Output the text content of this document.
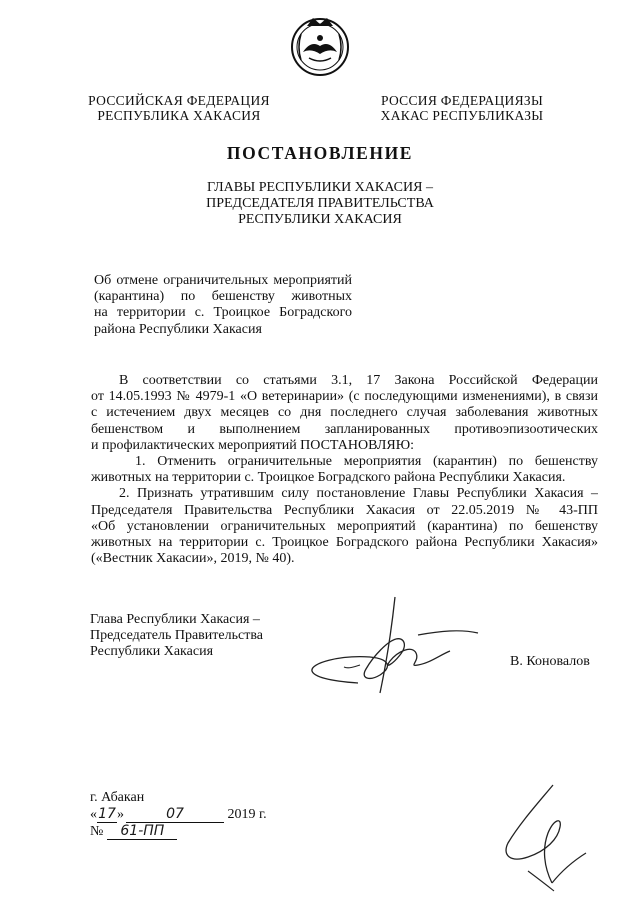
РОССИЙСКАЯ ФЕДЕРАЦИЯ
РЕСПУБЛИКА ХАКАСИЯ
РОССИЯ ФЕДЕРАЦИЯЗЫ
ХАКАС РЕСПУБЛИКАЗЫ
ПОСТАНОВЛЕНИЕ
ГЛАВЫ РЕСПУБЛИКИ ХАКАСИЯ –
ПРЕДСЕДАТЕЛЯ ПРАВИТЕЛЬСТВА
РЕСПУБЛИКИ ХАКАСИЯ
Об отмене ограничительных мероприятий
(карантина) по бешенству животных
на территории с. Троицкое Боградского
района Республики Хакасия
В соответствии со статьями 3.1, 17 Закона Российской Федерации
от 14.05.1993 № 4979-1 «О ветеринарии» (с последующими изменениями), в связи
с истечением двух месяцев со дня последнего случая заболевания животных
бешенством и выполнением запланированных противоэпизоотических
и профилактических мероприятий ПОСТАНОВЛЯЮ:
1. Отменить ограничительные мероприятия (карантин) по бешенству
животных на территории с. Троицкое Боградского района Республики Хакасия.
2. Признать утратившим силу постановление Главы Республики Хакасия –
Председателя Правительства Республики Хакасия от 22.05.2019 № 43-ПП
«Об установлении ограничительных мероприятий (карантина) по бешенству
животных на территории с. Троицкое Боградского района Республики Хакасия»
(«Вестник Хакасии», 2019, № 40).
Глава Республики Хакасия –
Председатель Правительства
Республики Хакасия
В. Коновалов
г. Абакан
«17»	07	2019 г.
№ 61-ПП
